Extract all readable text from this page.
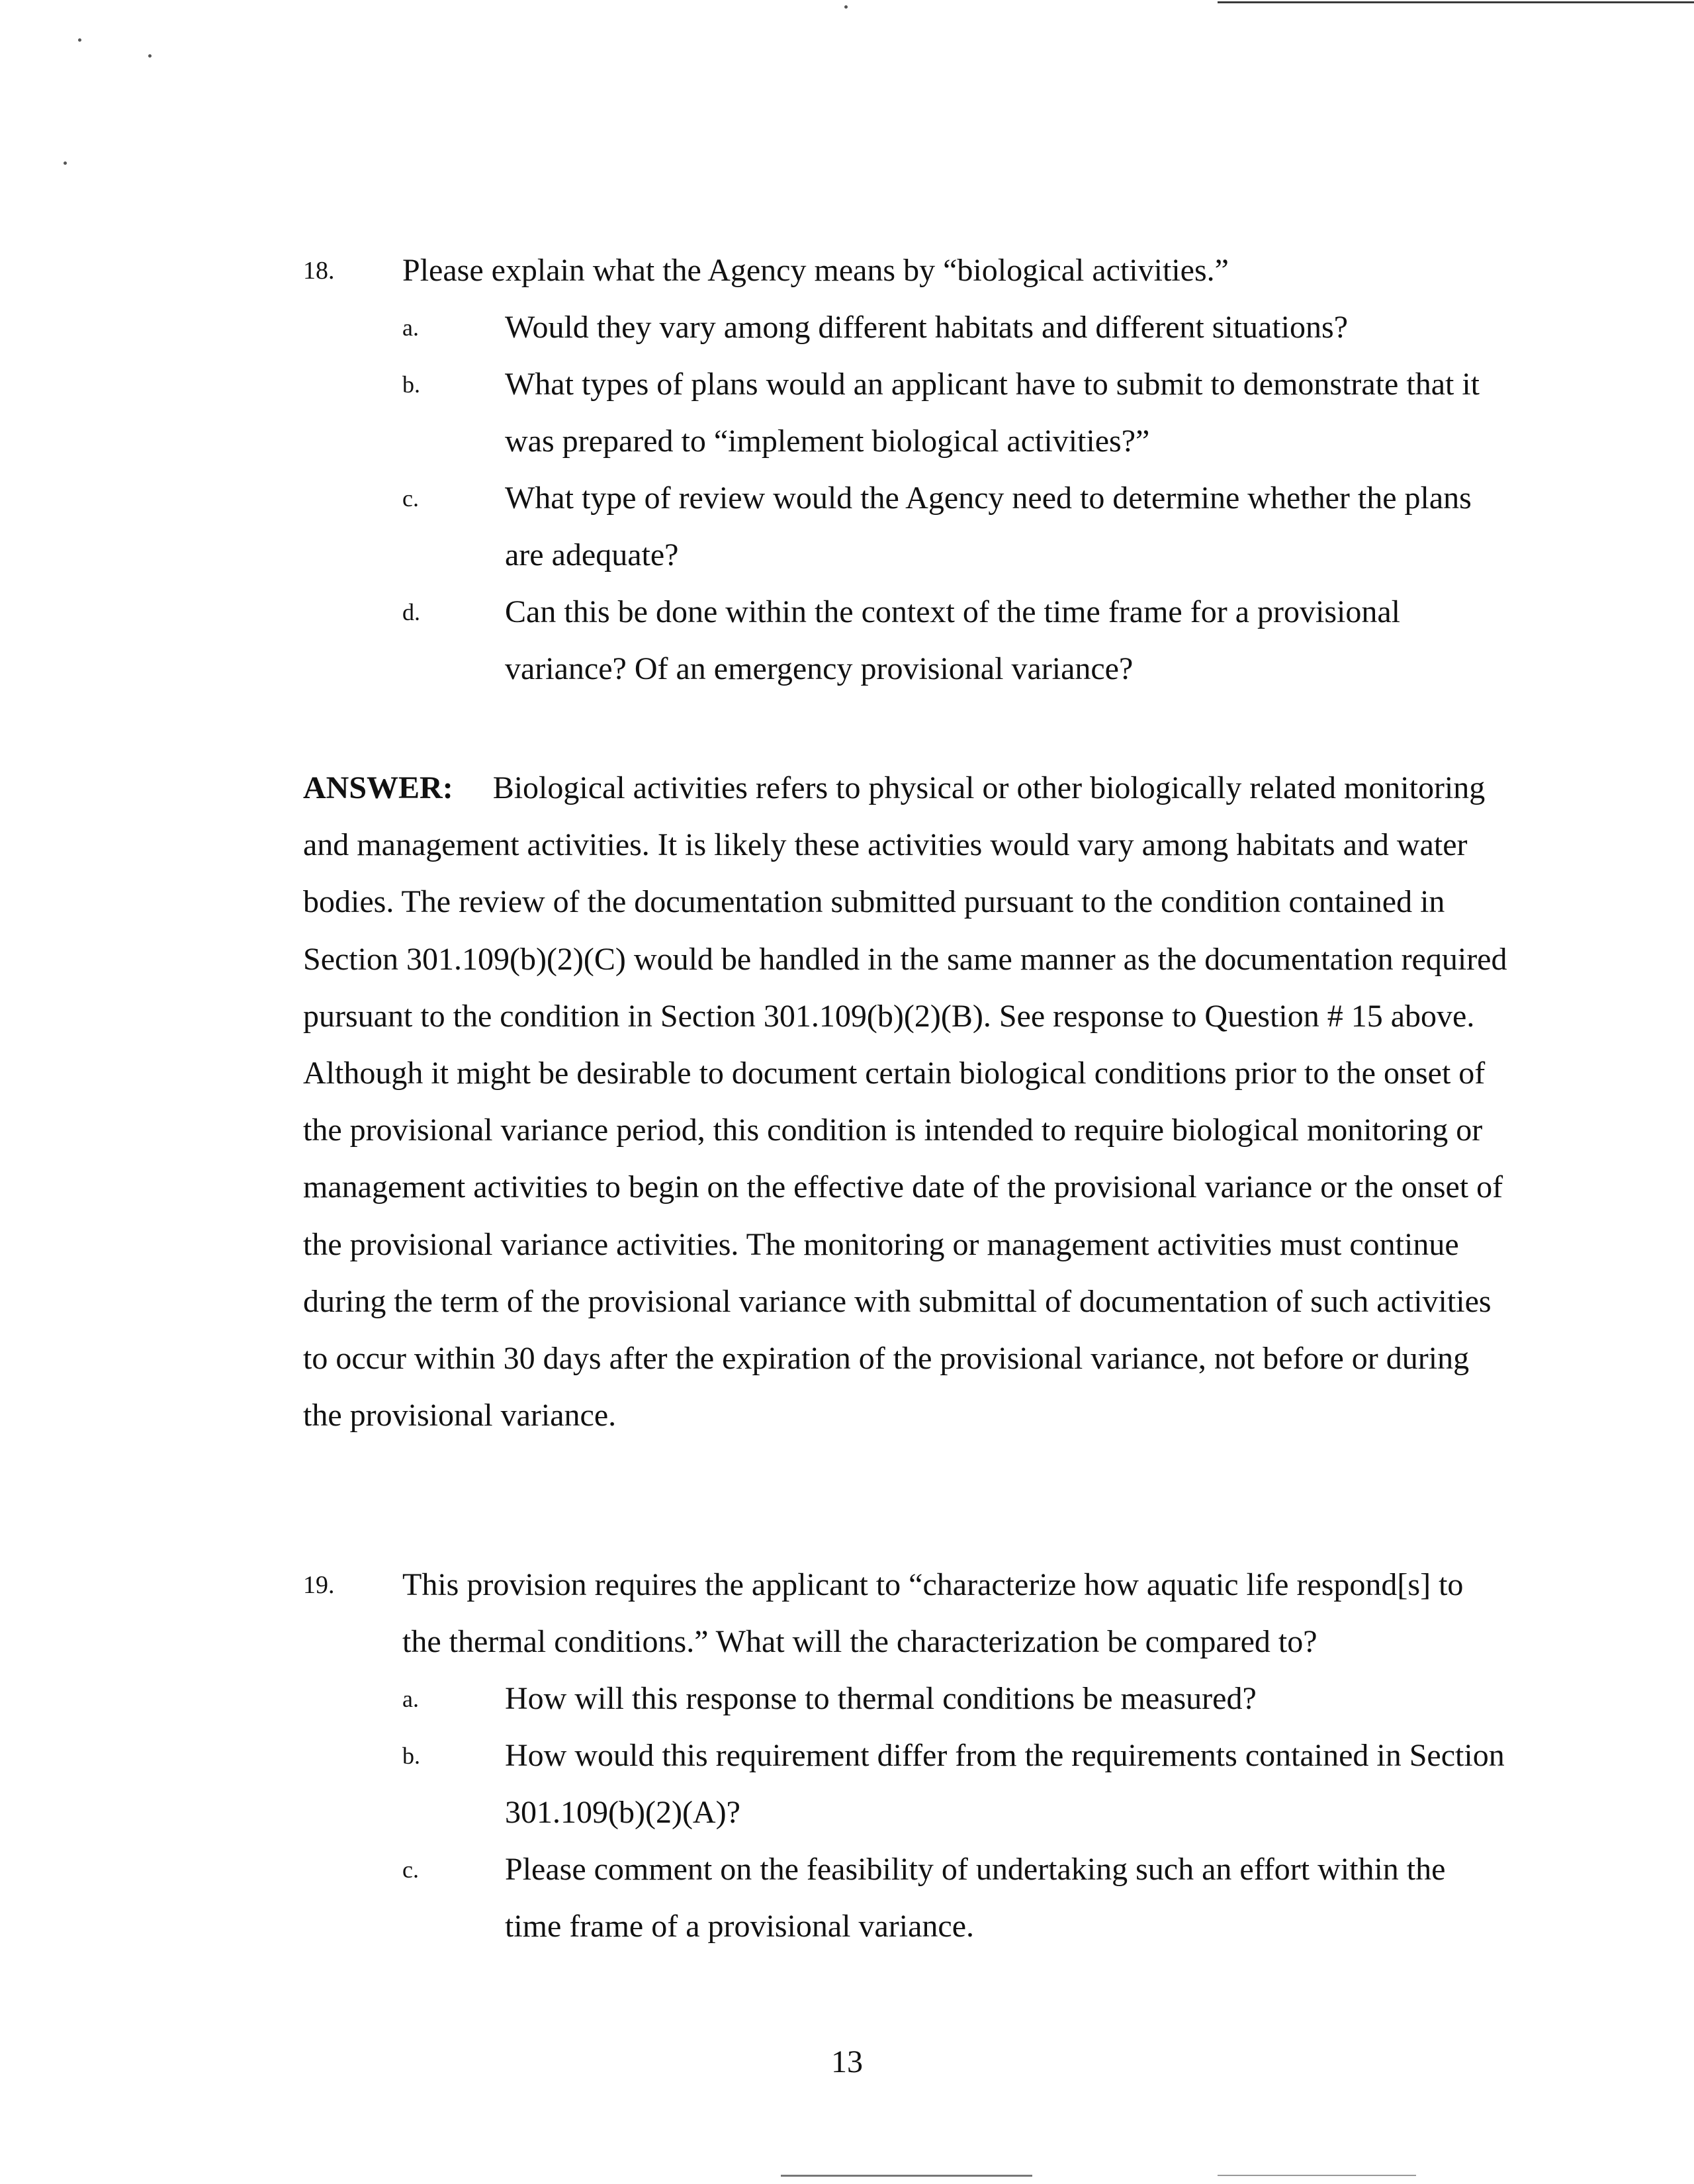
18. Please explain what the Agency means by “biological activities.”
a.	Would they vary among different habitats and different situations?
b.	What types of plans would an applicant have to submit to demonstrate that it was prepared to “implement biological activities?”
c.	What type of review would the Agency need to determine whether the plans are adequate?
d.	Can this be done within the context of the time frame for a provisional variance? Of an emergency provisional variance?
ANSWER: Biological activities refers to physical or other biologically related monitoring and management activities. It is likely these activities would vary among habitats and water bodies. The review of the documentation submitted pursuant to the condition contained in Section 301.109(b)(2)(C) would be handled in the same manner as the documentation required pursuant to the condition in Section 301.109(b)(2)(B). See response to Question # 15 above. Although it might be desirable to document certain biological conditions prior to the onset of the provisional variance period, this condition is intended to require biological monitoring or management activities to begin on the effective date of the provisional variance or the onset of the provisional variance activities. The monitoring or management activities must continue during the term of the provisional variance with submittal of documentation of such activities to occur within 30 days after the expiration of the provisional variance, not before or during the provisional variance.
19. This provision requires the applicant to “characterize how aquatic life respond[s] to the thermal conditions.” What will the characterization be compared to?
a.	How will this response to thermal conditions be measured?
b.	How would this requirement differ from the requirements contained in Section 301.109(b)(2)(A)?
c.	Please comment on the feasibility of undertaking such an effort within the time frame of a provisional variance.
13
